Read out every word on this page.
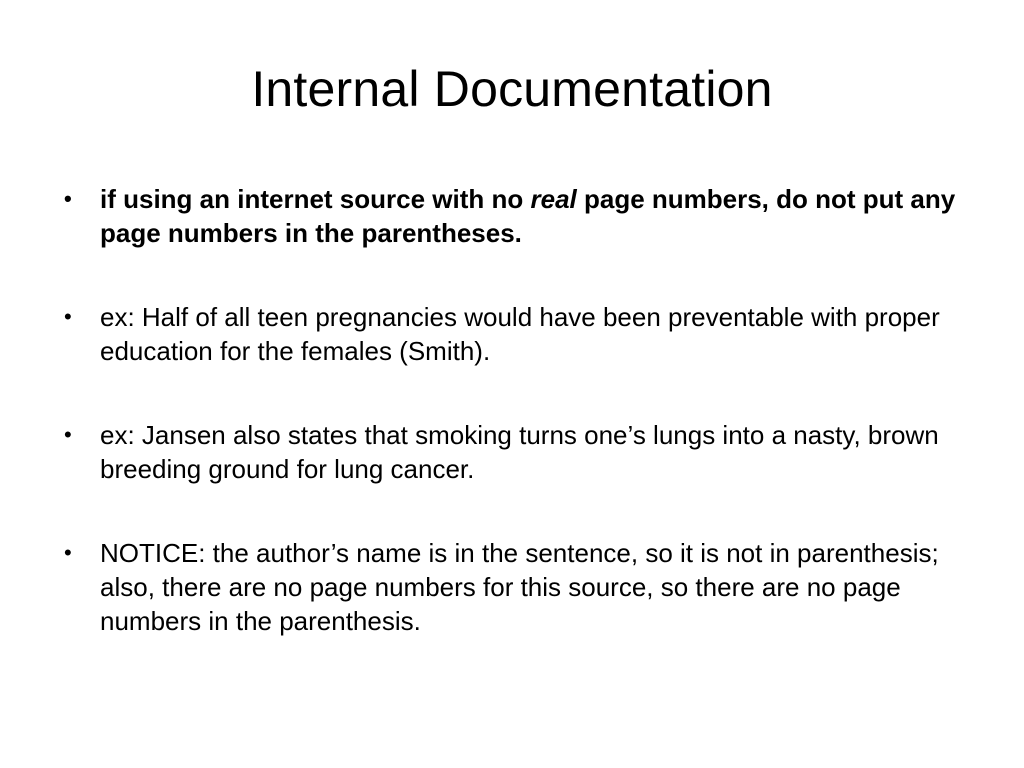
Internal Documentation
• if using an internet source with no real page numbers, do not put any page numbers in the parentheses.
• ex: Half of all teen pregnancies would have been preventable with proper education for the females (Smith).
• ex: Jansen also states that smoking turns one’s lungs into a nasty, brown breeding ground for lung cancer.
• NOTICE: the author’s name is in the sentence, so it is not in parenthesis; also, there are no page numbers for this source, so there are no page numbers in the parenthesis.
